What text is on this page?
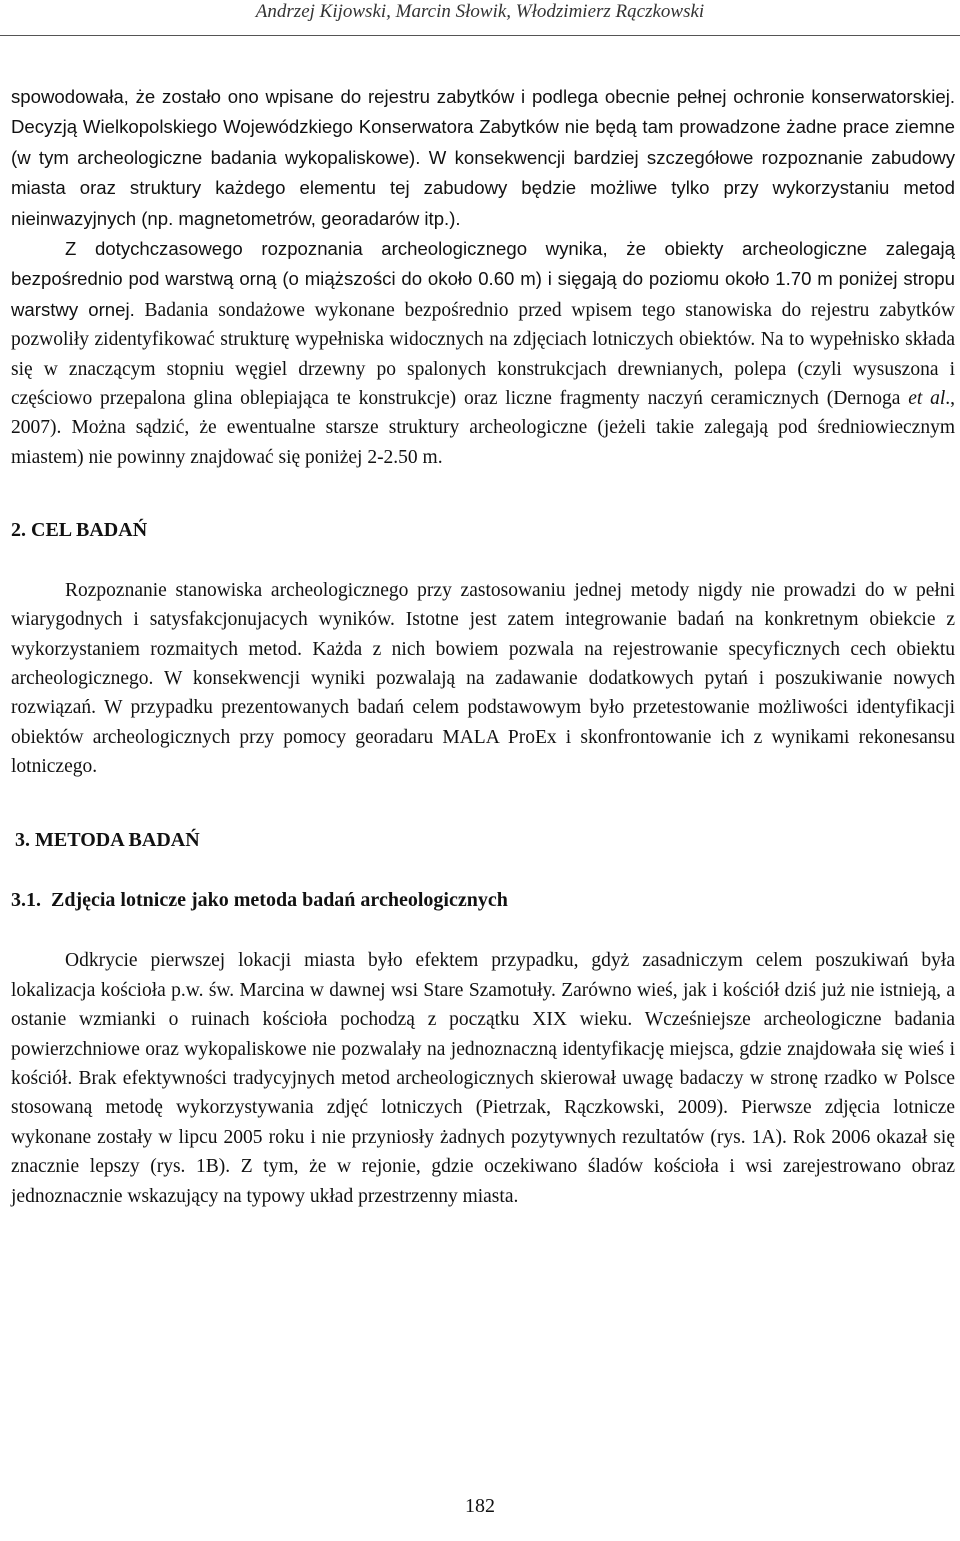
Andrzej Kijowski, Marcin Słowik, Włodzimierz Rączkowski

spowodowała, że zostało ono wpisane do rejestru zabytków i podlega obecnie pełnej ochronie konserwatorskiej. Decyzją Wielkopolskiego Wojewódzkiego Konserwatora Zabytków nie będą tam prowadzone żadne prace ziemne (w tym archeologiczne badania wykopaliskowe). W konsekwencji bardziej szczegółowe rozpoznanie zabudowy miasta oraz struktury każdego elementu tej zabudowy będzie możliwe tylko przy wykorzystaniu metod nieinwazyjnych (np. magnetometrów, georadarów itp.).
Z dotychczasowego rozpoznania archeologicznego wynika, że obiekty archeologiczne zalegają bezpośrednio pod warstwą orną (o miąższości do około 0.60 m) i sięgają do poziomu około 1.70 m poniżej stropu warstwy ornej. Badania sondażowe wykonane bezpośrednio przed wpisem tego stanowiska do rejestru zabytków pozwoliły zidentyfikować strukturę wypełniska widocznych na zdjęciach lotniczych obiektów. Na to wypełnisko składa się w znaczącym stopniu węgiel drzewny po spalonych konstrukcjach drewnianych, polepa (czyli wysuszona i częściowo przepalona glina oblepiająca te konstrukcje) oraz liczne fragmenty naczyń ceramicznych (Dernoga et al., 2007). Można sądzić, że ewentualne starsze struktury archeologiczne (jeżeli takie zalegają pod średniowiecznym miastem) nie powinny znajdować się poniżej 2-2.50 m.

2. CEL BADAŃ

Rozpoznanie stanowiska archeologicznego przy zastosowaniu jednej metody nigdy nie prowadzi do w pełni wiarygodnych i satysfakcjonujacych wyników. Istotne jest zatem integrowanie badań na konkretnym obiekcie z wykorzystaniem rozmaitych metod. Każda z nich bowiem pozwala na rejestrowanie specyficznych cech obiektu archeologicznego. W konsekwencji wyniki pozwalają na zadawanie dodatkowych pytań i poszukiwanie nowych rozwiązań. W przypadku prezentowanych badań celem podstawowym było przetestowanie możliwości identyfikacji obiektów archeologicznych przy pomocy georadaru MALA ProEx i skonfrontowanie ich z wynikami rekonesansu lotniczego.

3. METODA BADAŃ
3.1.  Zdjęcia lotnicze jako metoda badań archeologicznych

Odkrycie pierwszej lokacji miasta było efektem przypadku, gdyż zasadniczym celem poszukiwań była lokalizacja kościoła p.w. św. Marcina w dawnej wsi Stare Szamotuły. Zarówno wieś, jak i kościół dziś już nie istnieją, a ostanie wzmianki o ruinach kościoła pochodzą z początku XIX wieku. Wcześniejsze archeologiczne badania powierzchniowe oraz wykopaliskowe nie pozwalały na jednoznaczną identyfikację miejsca, gdzie znajdowała się wieś i kościół. Brak efektywności tradycyjnych metod archeologicznych skierował uwagę badaczy w stronę rzadko w Polsce stosowaną metodę wykorzystywania zdjęć lotniczych (Pietrzak, Rączkowski, 2009). Pierwsze zdjęcia lotnicze wykonane zostały w lipcu 2005 roku i nie przyniosły żadnych pozytywnych rezultatów (rys. 1A). Rok 2006 okazał się znacznie lepszy (rys. 1B). Z tym, że w rejonie, gdzie oczekiwano śladów kościoła i wsi zarejestrowano obraz jednoznacznie wskazujący na typowy układ przestrzenny miasta.

182
